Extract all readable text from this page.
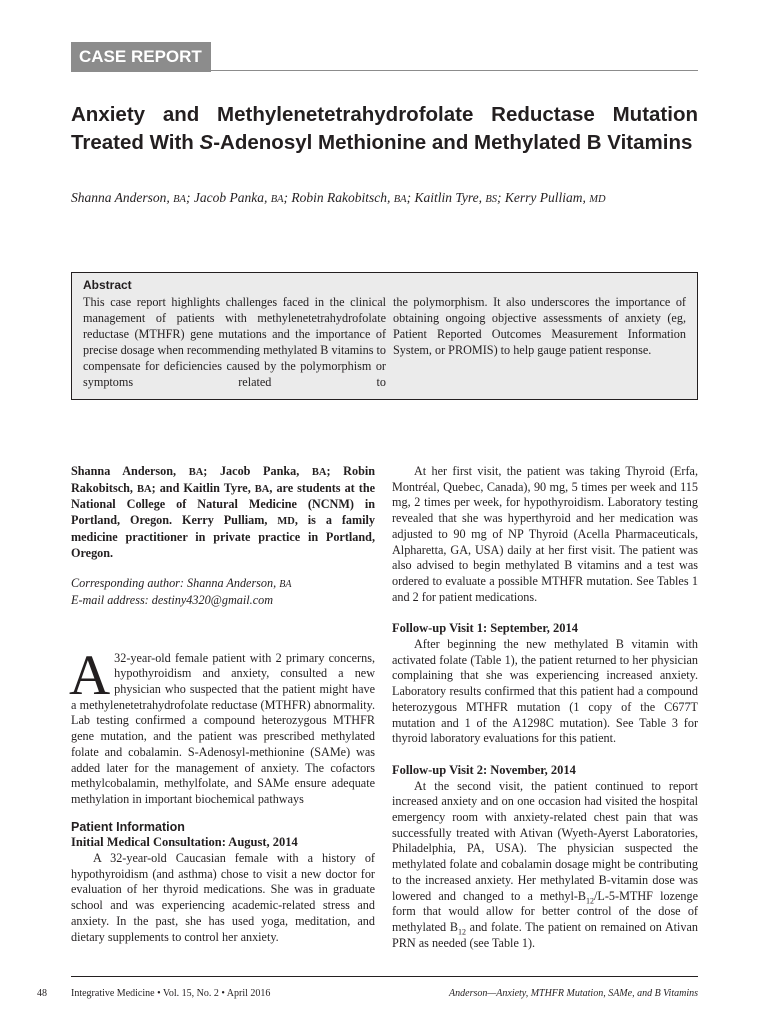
CASE REPORT
Anxiety and Methylenetetrahydrofolate Reductase Mutation Treated With S-Adenosyl Methionine and Methylated B Vitamins
Shanna Anderson, BA; Jacob Panka, BA; Robin Rakobitsch, BA; Kaitlin Tyre, BS; Kerry Pulliam, MD
Abstract
This case report highlights challenges faced in the clinical management of patients with methylenetetrahydrofolate reductase (MTHFR) gene mutations and the importance of precise dosage when recommending methylated B vitamins to compensate for deficiencies caused by the polymorphism or symptoms related to
the polymorphism. It also underscores the importance of obtaining ongoing objective assessments of anxiety (eg, Patient Reported Outcomes Measurement Information System, or PROMIS) to help gauge patient response.

Shanna Anderson, BA; Jacob Panka, BA; Robin Rakobitsch, BA; and Kaitlin Tyre, BA, are students at the National College of Natural Medicine (NCNM) in Portland, Oregon. Kerry Pulliam, MD, is a family medicine practitioner in private practice in Portland, Oregon.

Corresponding author: Shanna Anderson, BA
E-mail address: destiny4320@gmail.com

A 32-year-old female patient with 2 primary concerns, hypothyroidism and anxiety, consulted a new physician who suspected that the patient might have a methylenetetrahydrofolate reductase (MTHFR) abnormality. Lab testing confirmed a compound heterozygous MTHFR gene mutation, and the patient was prescribed methylated folate and cobalamin. S-Adenosyl-methionine (SAMe) was added later for the management of anxiety. The cofactors methylcobalamin, methylfolate, and SAMe ensure adequate methylation in important biochemical pathways
Patient Information
Initial Medical Consultation: August, 2014

A 32-year-old Caucasian female with a history of hypothyroidism (and asthma) chose to visit a new doctor for evaluation of her thyroid medications. She was in graduate school and was experiencing academic-related stress and anxiety. In the past, she has used yoga, meditation, and dietary supplements to control her anxiety.

At her first visit, the patient was taking Thyroid (Erfa, Montréal, Quebec, Canada), 90 mg, 5 times per week and 115 mg, 2 times per week, for hypothyroidism. Laboratory testing revealed that she was hyperthyroid and her medication was adjusted to 90 mg of NP Thyroid (Acella Pharmaceuticals, Alpharetta, GA, USA) daily at her first visit. The patient was also advised to begin methylated B vitamins and a test was ordered to evaluate a possible MTHFR mutation. See Tables 1 and 2 for patient medications.

Follow-up Visit 1: September, 2014

After beginning the new methylated B vitamin with activated folate (Table 1), the patient returned to her physician complaining that she was experiencing increased anxiety. Laboratory results confirmed that this patient had a compound heterozygous MTHFR mutation (1 copy of the C677T mutation and 1 of the A1298C mutation). See Table 3 for thyroid laboratory evaluations for this patient.

Follow-up Visit 2: November, 2014

At the second visit, the patient continued to report increased anxiety and on one occasion had visited the hospital emergency room with anxiety-related chest pain that was successfully treated with Ativan (Wyeth-Ayerst Laboratories, Philadelphia, PA, USA). The physician suspected the methylated folate and cobalamin dosage might be contributing to the increased anxiety. Her methylated B-vitamin dose was lowered and changed to a methyl-$B_{12}/L-5$-MTHF lozenge form that would allow for better control of the dose of methylated $B_{12}$ and folate. The patient on remained on Ativan PRN as needed (see Table 1).

48 Integrative Medicine • Vol. 15, No. 2 • April 2016	Anderson—Anxiety, MTHFR Mutation, SAMe, and B Vitamins
